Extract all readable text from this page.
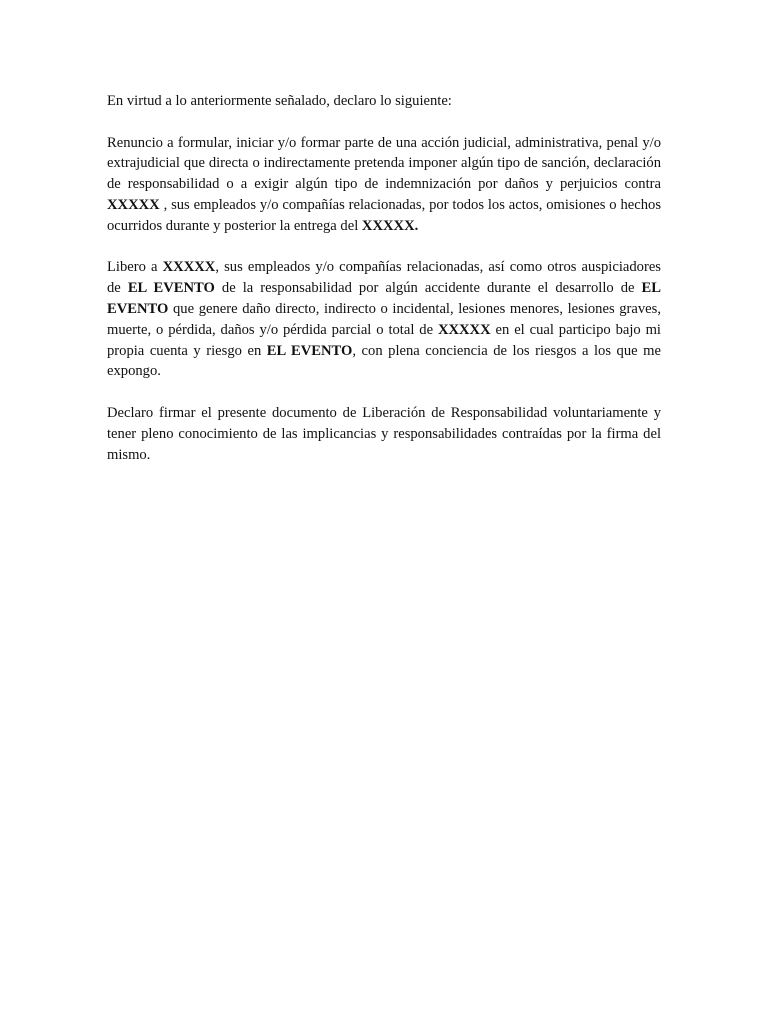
En virtud a lo anteriormente señalado, declaro lo siguiente:

Renuncio a formular, iniciar y/o formar parte de una acción judicial, administrativa, penal y/o extrajudicial que directa o indirectamente pretenda imponer algún tipo de sanción, declaración de responsabilidad o a exigir algún tipo de indemnización por daños y perjuicios contra XXXXX , sus empleados y/o compañías relacionadas, por todos los actos, omisiones o hechos ocurridos durante y posterior la entrega del XXXXX.

Libero a XXXXX, sus empleados y/o compañías relacionadas, así como otros auspiciadores de EL EVENTO de la responsabilidad por algún accidente durante el desarrollo de EL EVENTO que genere daño directo, indirecto o incidental, lesiones menores, lesiones graves, muerte, o pérdida, daños y/o pérdida parcial o total de XXXXX en el cual participo bajo mi propia cuenta y riesgo en EL EVENTO, con plena conciencia de los riesgos a los que me expongo.

Declaro firmar el presente documento de Liberación de Responsabilidad voluntariamente y tener pleno conocimiento de las implicancias y responsabilidades contraídas por la firma del mismo.
